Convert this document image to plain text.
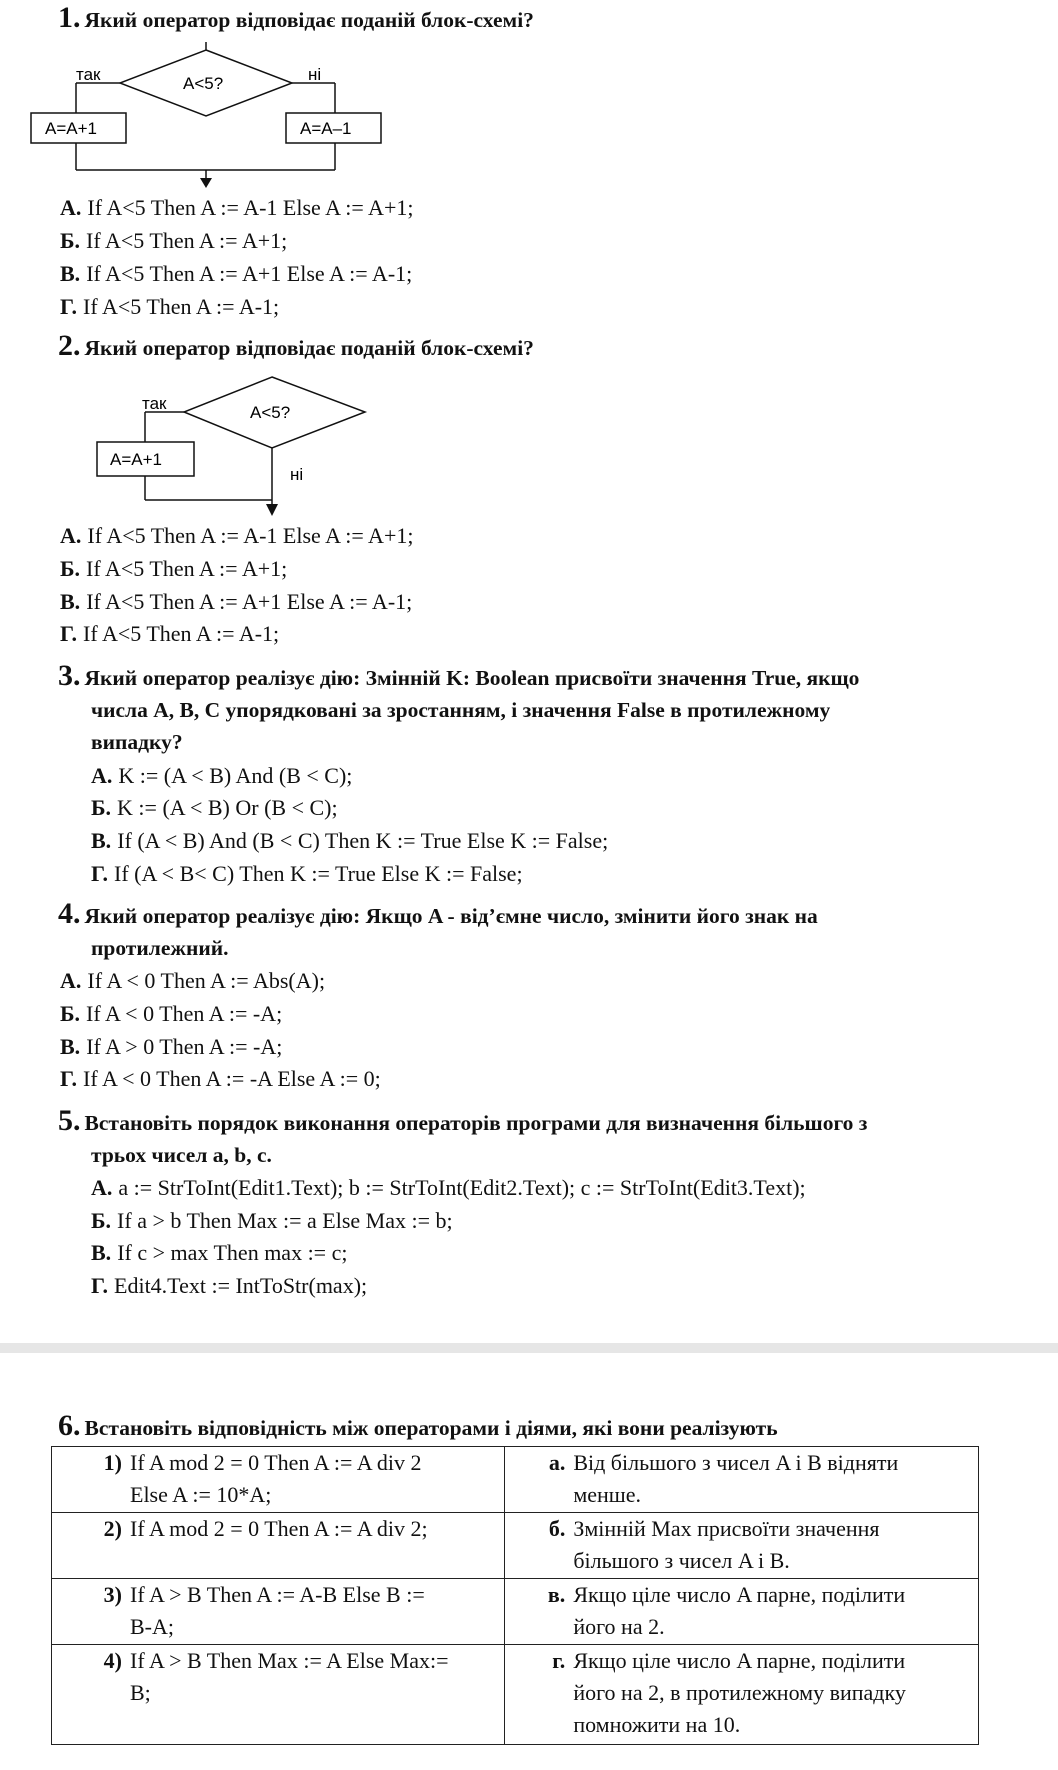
1. Який оператор відповідає поданій блок-схемі?
так	ні
A<5?
A=A+1	A=A–1
А. If A<5 Then A := A-1 Else A := A+1;
Б. If A<5 Then A := A+1;
В. If A<5 Then A := A+1 Else A := A-1;
Г. If A<5 Then A := A-1;
2. Який оператор відповідає поданій блок-схемі?
так
ні
A<5?
A=A+1
А. If A<5 Then A := A-1 Else A := A+1;
Б. If A<5 Then A := A+1;
В. If A<5 Then A := A+1 Else A := A-1;
Г. If A<5 Then A := A-1;
3. Який оператор реалізує дію: Змінній K: Boolean присвоїти значення True, якщо
числа A, B, C упорядковані за зростанням, і значення False в протилежному
випадку?
А. K := (A < B) And (B < C);
Б. K := (A < B) Or (B < C);
В. If (A < B) And (B < C) Then K := True Else K := False;
Г. If (A < B< C) Then K := True Else K := False;
4. Який оператор реалізує дію: Якщо A - від’ємне число, змінити його знак на
протилежний.
А. If A < 0 Then A := Abs(A);
Б. If A < 0 Then A := -A;
В. If A > 0 Then A := -A;
Г. If A < 0 Then A := -A Else A := 0;
5. Встановіть порядок виконання операторів програми для визначення більшого з
трьох чисел a, b, c.
А. a := StrToInt(Edit1.Text); b := StrToInt(Edit2.Text); c := StrToInt(Edit3.Text);
Б. If a > b Then Max := a Else Max := b;
В. If c > max Then max := c;
Г. Edit4.Text := IntToStr(max);
6. Встановіть відповідність між операторами і діями, які вони реалізують
1) If A mod 2 = 0 Then A := A div 2
Else A := 10*A;	а. Від більшого з чисел A і B відняти
менше.
2) If A mod 2 = 0 Then A := A div 2;	б. Змінній Max присвоїти значення
більшого з чисел A і B.
3) If A > B Then A := A-B Else B :=
B-A;	в. Якщо ціле число A парне, поділити
його на 2.
4) If A > B Then Max := A Else Max:=
B;	г. Якщо ціле число A парне, поділити
його на 2, в протилежному випадку
помножити на 10.
